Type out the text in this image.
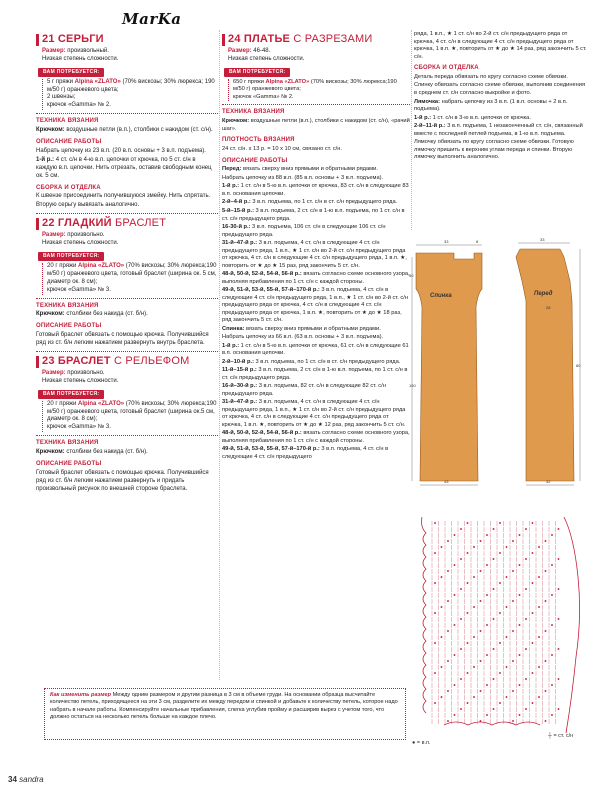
MarKa
21 СЕРЬГИ
Размер: произвольный.
Низкая степень сложности.
ВАМ ПОТРЕБУЕТСЯ:
5 г пряжи Alpina «ZLATO» (70% вискозы; 30% люрекса; 190 м/50 г) оранжевого цвета;
2 швензы;
крючок «Gamma» № 2.
ТЕХНИКА ВЯЗАНИЯ
Крючком: воздушные петли (в.п.), столбики с накидом (ст. с/н).
ОПИСАНИЕ РАБОТЫ
Набрать цепочку из 23 в.п. (20 в.п. основы + 3 в.п. подъема).
1-й р.: 4 ст. с/н в 4-ю в.п. цепочки от крючка, по 5 ст. с/н в каждую в.п. цепочки. Нить отрезать, оставив свободным конец ок. 5 см.
СБОРКА И ОТДЕЛКА
К швензе присоединить получившуюся змейку. Нить спрятать.
Вторую серьгу вывязать аналогично.
22 ГЛАДКИЙ БРАСЛЕТ
Размер: произвольно.
Низкая степень сложности.
ВАМ ПОТРЕБУЕТСЯ:
20 г пряжи Alpina «ZLATO» (70% вискозы; 30% люрекса;190 м/50 г) оранжевого цвета, готовый браслет (ширина ок. 5 см, диаметр ок. 8 см);
крючок «Gamma» № 3.
ТЕХНИКА ВЯЗАНИЯ
Крючком: столбики без накида (ст. б/н).
ОПИСАНИЕ РАБОТЫ
Готовый браслет обвязать с помощью крючка. Получившийся ряд из ст. б/н легким нажатием развернуть внутрь браслета.
23 БРАСЛЕТ С РЕЛЬЕФОМ
Размер: произвольно.
Низкая степень сложности.
ВАМ ПОТРЕБУЕТСЯ:
20 г пряжи Alpina «ZLATO» (70% вискозы; 30% люрекса;190 м/50 г) оранжевого цвета, готовый браслет (ширина ок.5 см, диаметр ок. 8 см);
крючок «Gamma» № 3.
ТЕХНИКА ВЯЗАНИЯ
Крючком: столбики без накида (ст. б/н).
ОПИСАНИЕ РАБОТЫ
Готовый браслет обвязать с помощью крючка. Получившийся ряд из ст. б/н легким нажатием развернуть и придать произвольный рисунок по внешней стороне браслета.
24 ПЛАТЬЕ С РАЗРЕЗАМИ
Размер: 46-48.
Низкая степень сложности.
ВАМ ПОТРЕБУЕТСЯ:
650 г пряжи Alpina «ZLATO» (70% вискозы; 30% люрекса;190 м/50 г) оранжевого цвета;
крючок «Gamma» № 2.
ТЕХНИКА ВЯЗАНИЯ
Крючком: воздушные петли (в.п.), столбики с накидом (ст. с/н), «рачий шаг».
ПЛОТНОСТЬ ВЯЗАНИЯ
24 ст. с/н. х 13 р. = 10 х 10 см, связано ст. с/н.
ОПИСАНИЕ РАБОТЫ
Перед: вязать сверху вниз прямыми и обратными рядами.
Набрать цепочку из 88 в.п. (85 в.п. основы + 3 в.п. подъема).
1-й р.: 1 ст. с/н в 5-ю в.п. цепочки от крючка, 83 ст. с/н в следующие 83 в.п. основания цепочки.
2-й–4-й р.: 3 в.п. подъема, по 1 ст. с/н в ст. с/н предыдущего ряда.
5-й–15-й р.: 3 в.п. подъема, 2 ст. с/н в 1-ю в.п. подъема, по 1 ст. с/н в ст. с/н предыдущего ряда.
16-30-й р.: 3 в.п. подъема, 106 ст. с/н в следующие 106 ст. с/н предыдущего ряда.
31-й–47-й р.: 3 в.п. подъема, 4 ст. с/н в следующие 4 ст. с/н предыдущего ряда, 1 в.п., ★ 1 ст. с/н во 2-й ст. с/н предыдущего ряда от крючка, 4 ст. с/н в следующие 4 ст. с/н предыдущего ряда, 1 в.п. ★, повторить от ★ до ★ 15 раз, ряд закончить 5 ст. с/н.
48-й, 50-й, 52-й, 54-й, 56-й р.: вязать согласно схеме основного узора, выполняя прибавления по 1 ст. с/н с каждой стороны.
49-й, 51-й, 53-й, 55-й, 57-й–170-й р.: 3 в.п. подъема, 4 ст. с/н в следующие 4 ст. с/н предыдущего ряда, 1 в.п., ★ 1 ст. с/н во 2-й ст. с/н предыдущего ряда от крючка, 4 ст. с/н в следующие 4 ст. с/н предыдущего ряда от крючка, 1 в.п. ★, повторить от ★ до ★ 18 раз, ряд закончить 5 ст. с/н.
Спинка: вязать сверху вниз прямыми и обратными рядами.
Набрать цепочку из 66 в.п. (63 в.п. основы + 3 в.п. подъема).
1-й р.: 1 ст. с/н в 5-ю в.п. цепочки от крючка, 61 ст. с/н в следующие 61 в.п. основания цепочки.
2-й–10-й р.: 3 в.п. подъема, по 1 ст. с/н в ст. с/н предыдущего ряда.
11-й–15-й р.: 3 в.п. подъема, 2 ст. с/н в 1-ю в.п. подъема, по 1 ст. с/н в ст. с/н предыдущего ряда.
16-й–30-й р.: 3 в.п. подъема, 82 ст. с/н в следующие 82 ст. с/н предыдущего ряда.
31-й–47-й р.: 3 в.п. подъема, 4 ст. с/н в следующие 4 ст. с/н предыдущего ряда, 1 в.п., ★ 1 ст. с/н во 2-й ст. с/н предыдущего ряда от крючка, 4 ст. с/н в следующие 4 ст. с/н предыдущего ряда от крючка, 1 в.п. ★, повторить от ★ до ★ 12 раз, ряд закончить 5 ст. с/н.
48-й, 50-й, 52-й, 54-й, 56-й р.: вязать согласно схеме основного узора, выполняя прибавления по 1 ст. с/н с каждой стороны.
49-й, 51-й, 53-й, 55-й, 57-й–170-й р.: 3 в.п. подъема, 4 ст. с/н в следующие 4 ст. с/н предыдущего
ряда, 1 в.п., ★ 1 ст. с/н во 2-й ст. с/н предыдущего ряда от крючка, 4 ст. с/н в следующие 4 ст. с/н предыдущего ряда от крючка, 1 в.п. ★, повторить от ★ до ★ 14 раз, ряд закончить 5 ст. с/н.
СБОРКА И ОТДЕЛКА
Деталь переда обвязать по кругу согласно схеме обвязки.
Спинку обвязать согласно схеме обвязки, выполнив соединения в среднем ст. с/н согласно выкройке и фото.
Лямочка: набрать цепочку из 3 в.п. (1 в.п. основы + 2 в.п. подъема).
1-й р.: 1 ст. с/н в 3-ю в.п. цепочки от крючка.
2-й–11-й р.: 3 в.п. подъема, 1 незаконченный ст. с/н, связанный вместе с последней петлей подъема, в 1-ю в.п. подъема.
Лямочку обвязать по кругу согласно схеме обвязки. Готовую лямочку пришить к верхним углам переда и спинки. Вторую лямочку выполнить аналогично.
Спинка	Перед
28
33	8	33
43	32
50
150
80
● = в.п.
┼ = ст. с/н
Как изменить размер Между одним размером и другим разница в 3 см в объеме груди. На основании образца высчитайте количество петель, приходящееся на эти 3 см, разделите их между передом и спинкой и добавьте к количеству петель, которое надо набрать в начале работы. Компенсируйте начальные прибавления, слегка углубив пройму и расширив вырез с учетом того, что должно остаться на несколько петель больше на каждое плечо.
34 sandra
